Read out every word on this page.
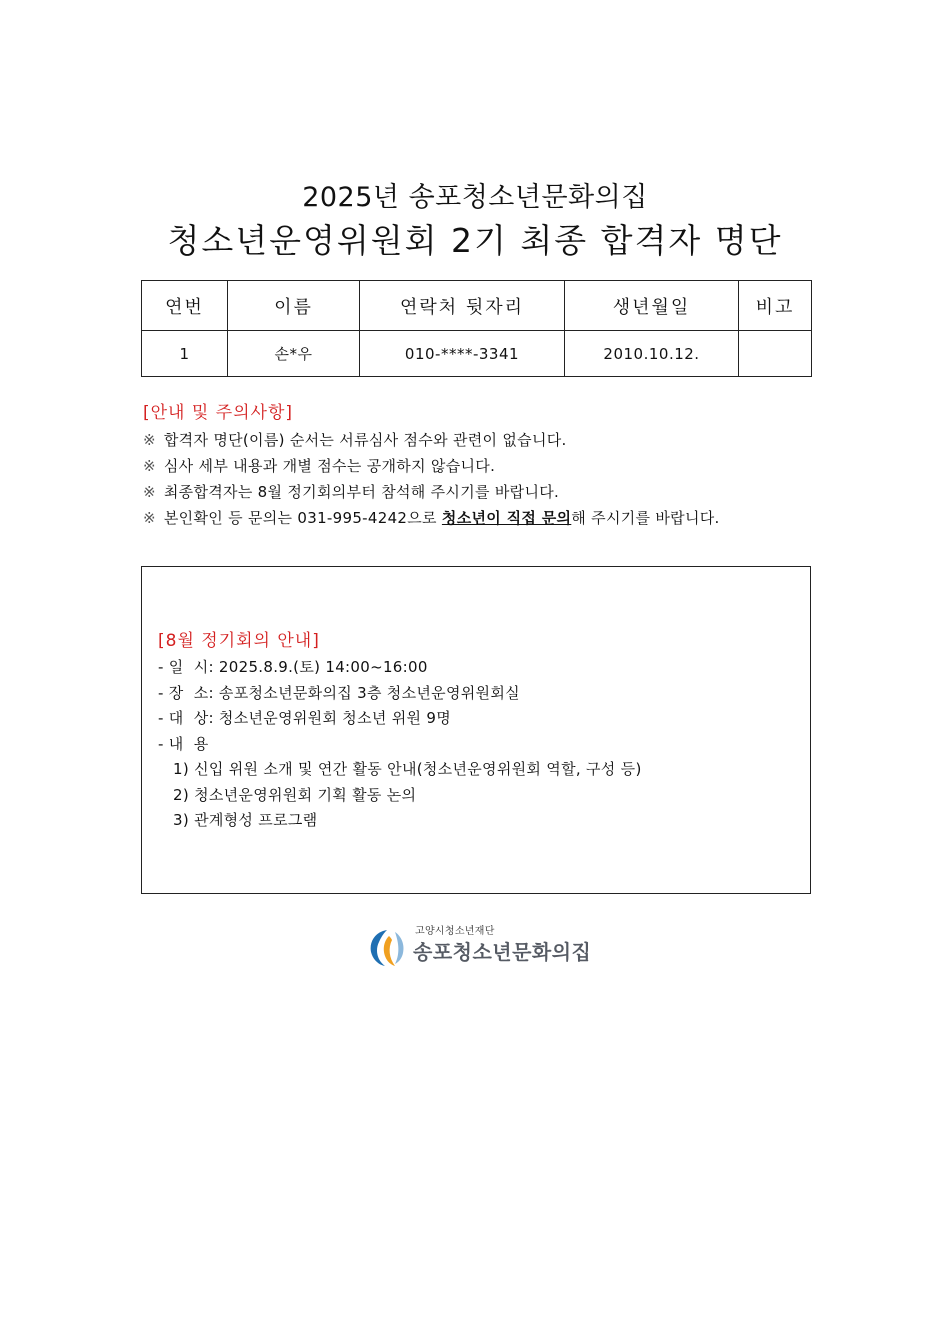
2025년 송포청소년문화의집
청소년운영위원회 2기 최종 합격자 명단
연번	이름	연락처 뒷자리	생년월일	비고
1	손*우	010-****-3341	2010.10.12.	
[안내 및 주의사항]
※ 합격자 명단(이름) 순서는 서류심사 점수와 관련이 없습니다.
※ 심사 세부 내용과 개별 점수는 공개하지 않습니다.
※ 최종합격자는 8월 정기회의부터 참석해 주시기를 바랍니다.
※ 본인확인 등 문의는 031-995-4242으로 청소년이 직접 문의해 주시기를 바랍니다.
[8월 정기회의 안내]
- 일  시: 2025.8.9.(토) 14:00~16:00
- 장  소: 송포청소년문화의집 3층 청소년운영위원회실
- 대  상: 청소년운영위원회 청소년 위원 9명
- 내  용
1) 신입 위원 소개 및 연간 활동 안내(청소년운영위원회 역할, 구성 등)
2) 청소년운영위원회 기획 활동 논의
3) 관계형성 프로그램
고양시청소년재단
송포청소년문화의집
